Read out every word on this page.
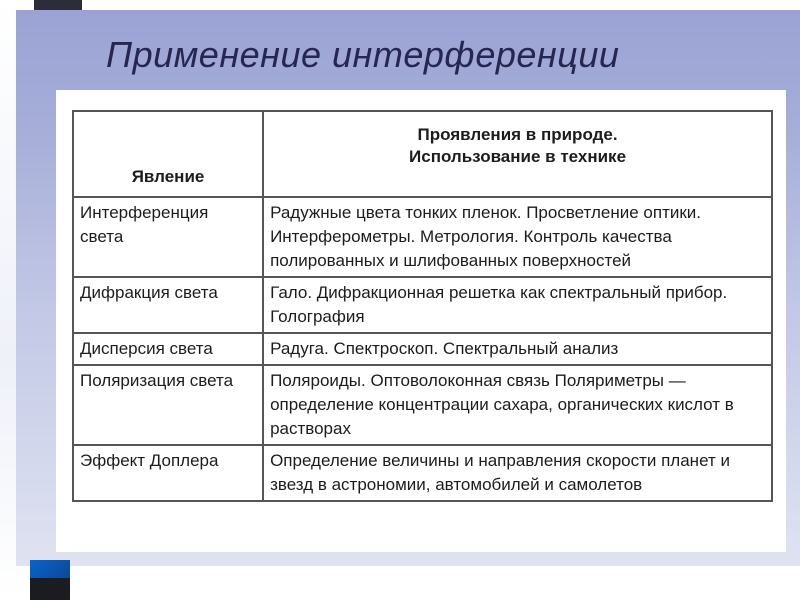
Применение интерференции
Явление	Проявления в природе.
Использование в технике
Интерференция света	Радужные цвета тонких пленок. Просветление оптики. Интерферометры. Метрология. Контроль качества полированных и шлифованных поверхностей
Дифракция света	Гало. Дифракционная решетка как спектральный прибор. Голография
Дисперсия света	Радуга. Спектроскоп. Спектральный анализ
Поляризация света	Поляроиды. Оптоволоконная связь Поляриметры — определение концентрации сахара, органических кислот в растворах
Эффект Доплера	Определение величины и направления скорости планет и звезд в астрономии, автомобилей и самолетов
